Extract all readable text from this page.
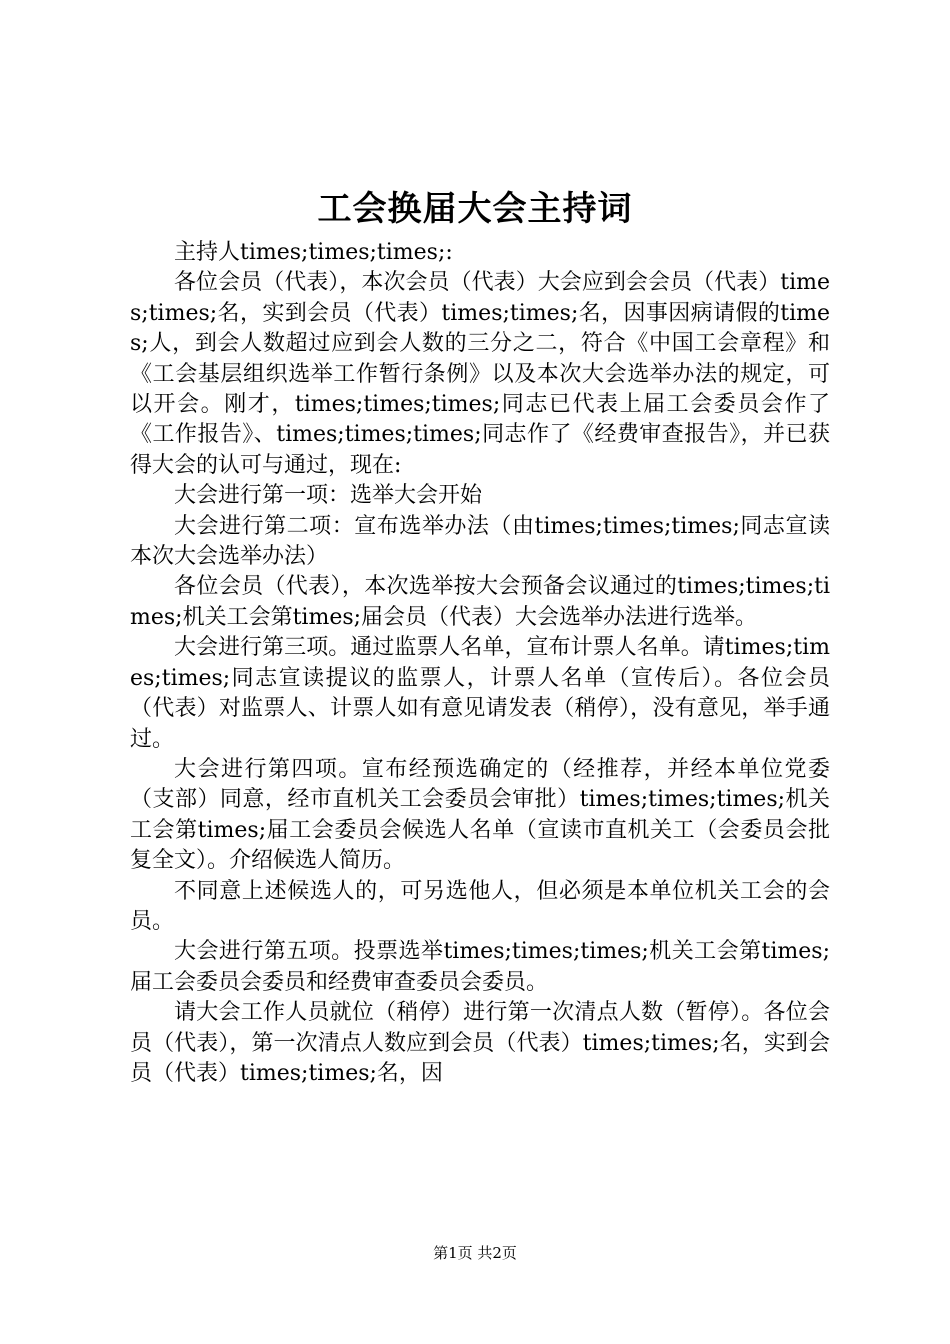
工会换届大会主持词

主持人times;times;times;:

各位会员（代表），本次会员（代表）大会应到会会员（代表）times;times;名，实到会员（代表）times;times;名，因事因病请假的times;人，到会人数超过应到会人数的三分之二，符合《中国工会章程》和《工会基层组织选举工作暂行条例》以及本次大会选举办法的规定，可以开会。刚才，times;times;times;同志已代表上届工会委员会作了《工作报告》、times;times;times;同志作了《经费审查报告》，并已获得大会的认可与通过，现在:

大会进行第一项：选举大会开始

大会进行第二项：宣布选举办法（由times;times;times;同志宣读本次大会选举办法）

各位会员（代表），本次选举按大会预备会议通过的times;times;times;机关工会第times;届会员（代表）大会选举办法进行选举。

大会进行第三项。通过监票人名单，宣布计票人名单。请times;times;times;同志宣读提议的监票人，计票人名单（宣传后）。各位会员（代表）对监票人、计票人如有意见请发表（稍停），没有意见，举手通过。

大会进行第四项。宣布经预选确定的（经推荐，并经本单位党委（支部）同意，经市直机关工会委员会审批）times;times;times;机关工会第times;届工会委员会候选人名单（宣读市直机关工（会委员会批复全文）。介绍候选人简历。

不同意上述候选人的，可另选他人，但必须是本单位机关工会的会员。

大会进行第五项。投票选举times;times;times;机关工会第times;届工会委员会委员和经费审查委员会委员。

请大会工作人员就位（稍停）进行第一次清点人数（暂停）。各位会员（代表），第一次清点人数应到会员（代表）times;times;名，实到会员（代表）times;times;名，因

第1页 共2页
